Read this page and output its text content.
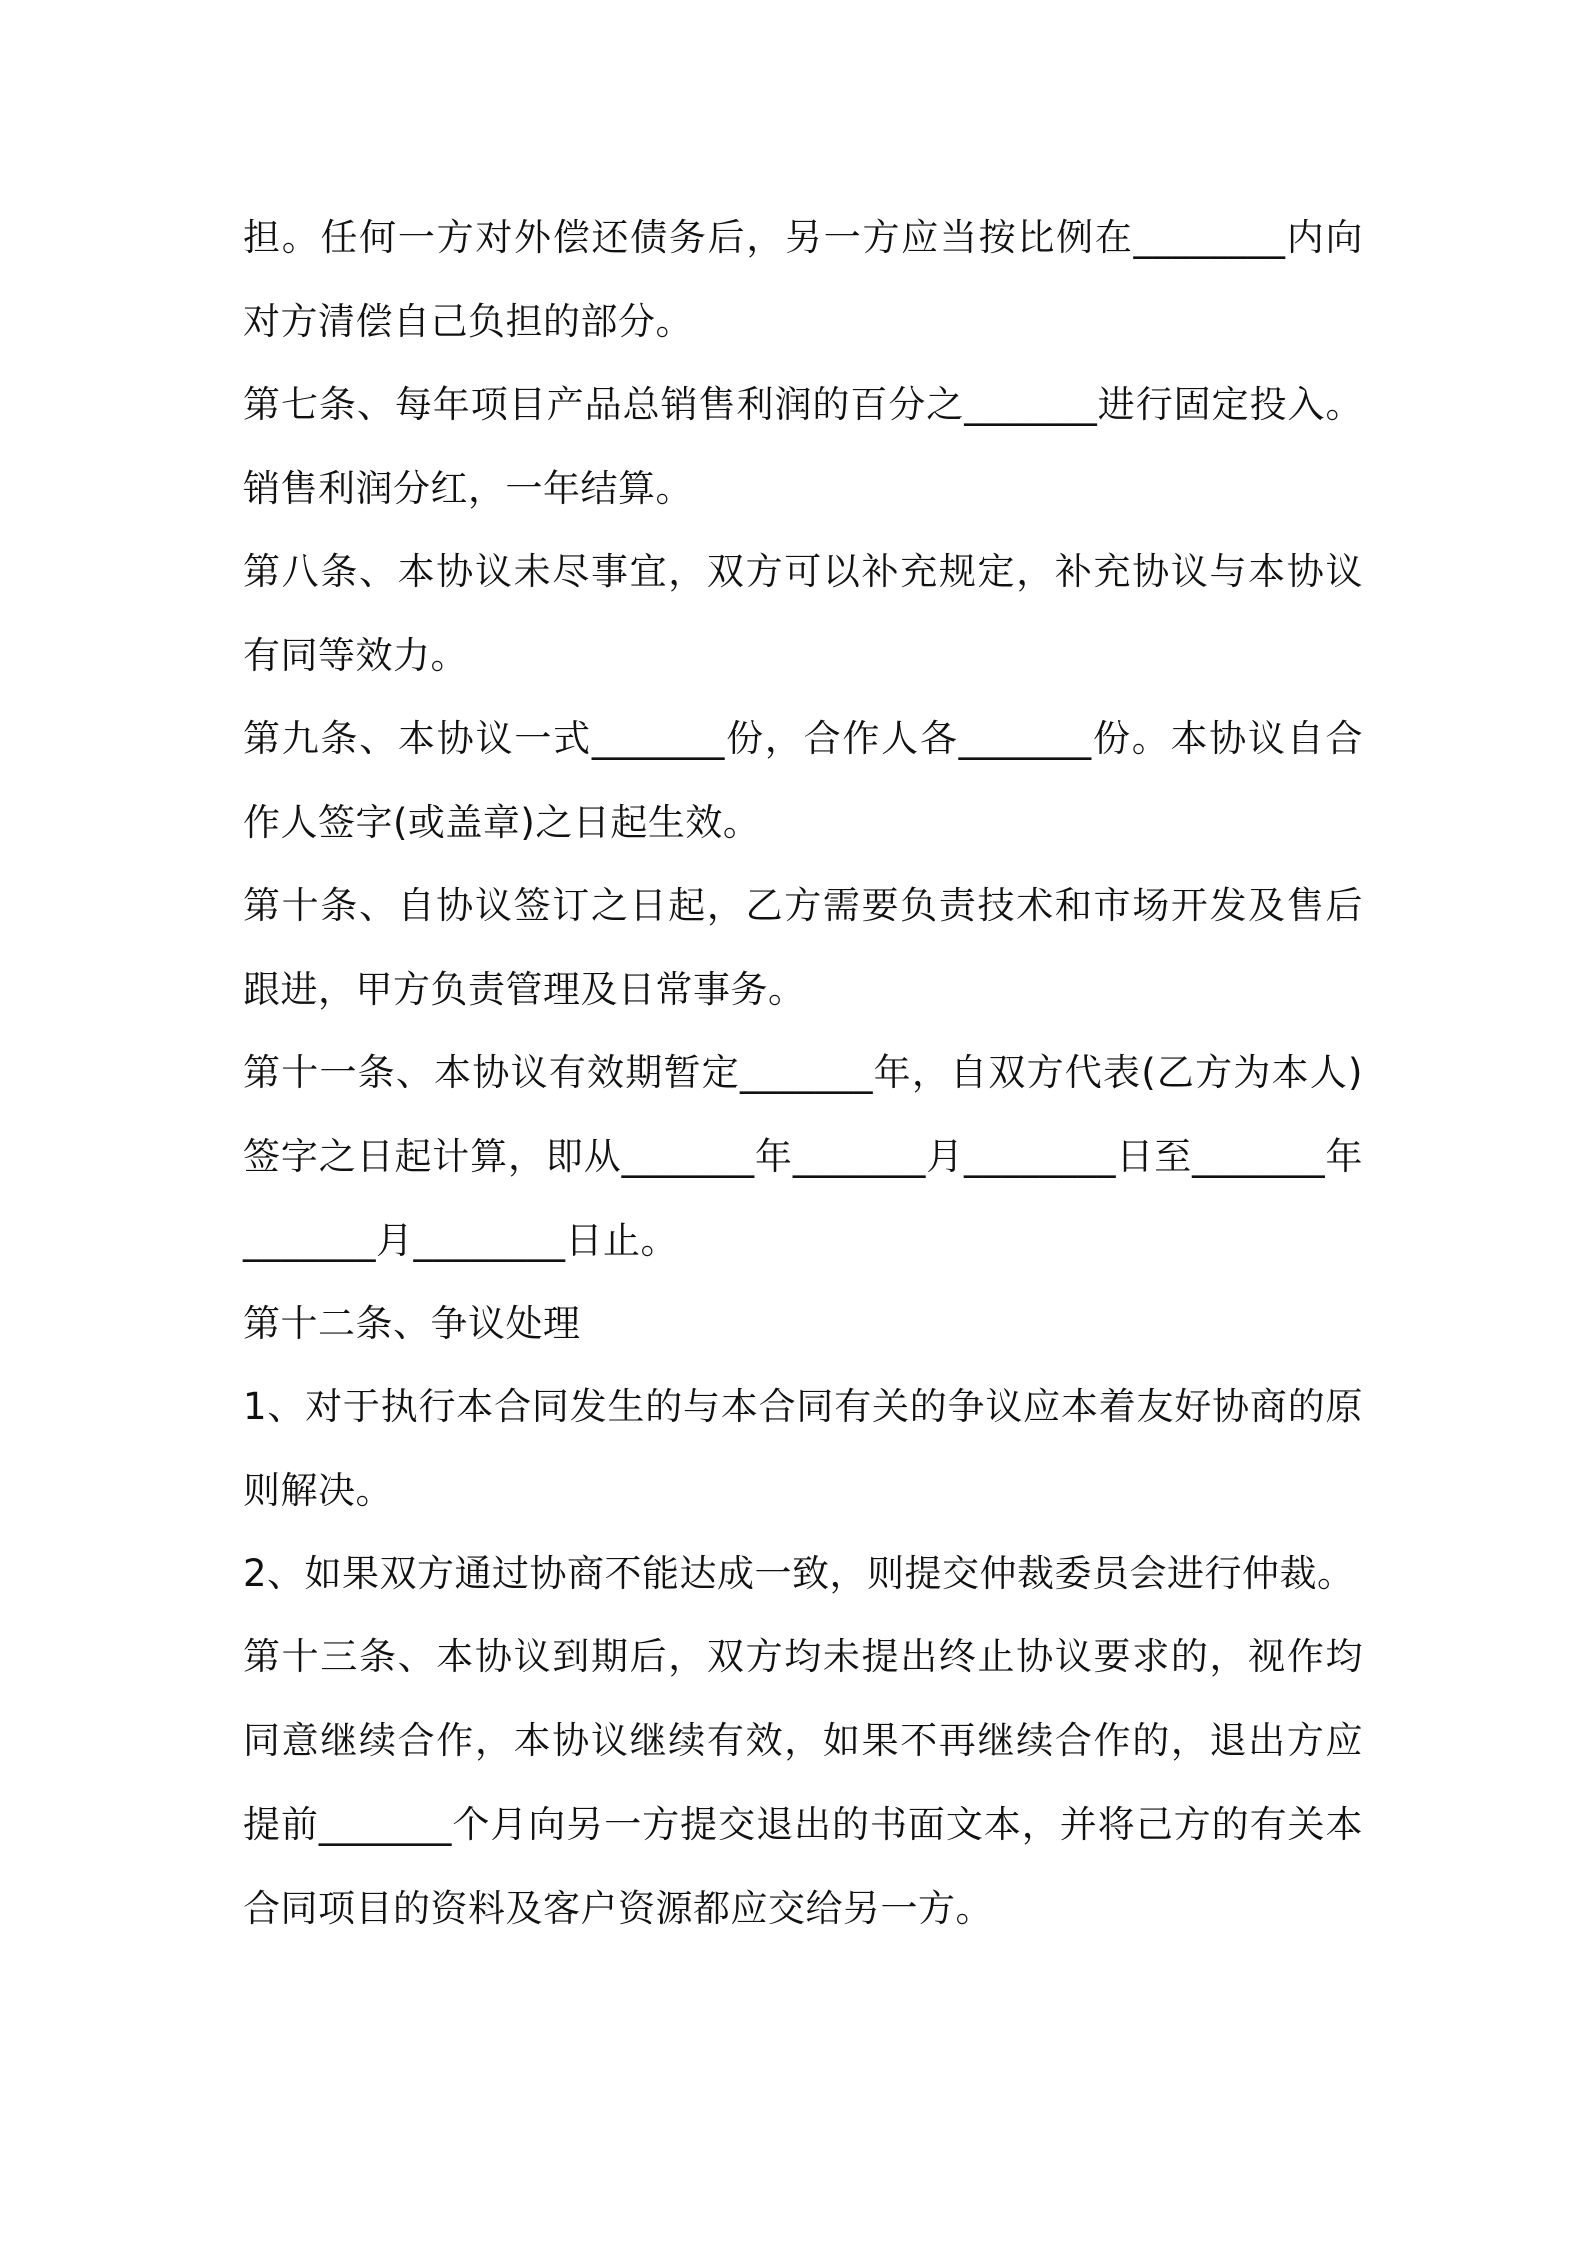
担。任何一方对外偿还债务后，另一方应当按比例在________内向对方清偿自己负担的部分。

第七条、每年项目产品总销售利润的百分之_______进行固定投入。销售利润分红，一年结算。

第八条、本协议未尽事宜，双方可以补充规定，补充协议与本协议有同等效力。

第九条、本协议一式_______份，合作人各_______份。本协议自合作人签字(或盖章)之日起生效。

第十条、自协议签订之日起，乙方需要负责技术和市场开发及售后跟进，甲方负责管理及日常事务。

第十一条、本协议有效期暂定_______年，自双方代表(乙方为本人)签字之日起计算，即从_______年_______月________日至_______年_______月________日止。

第十二条、争议处理

1、对于执行本合同发生的与本合同有关的争议应本着友好协商的原则解决。

2、如果双方通过协商不能达成一致，则提交仲裁委员会进行仲裁。

第十三条、本协议到期后，双方均未提出终止协议要求的，视作均同意继续合作，本协议继续有效，如果不再继续合作的，退出方应提前_______个月向另一方提交退出的书面文本，并将己方的有关本合同项目的资料及客户资源都应交给另一方。
